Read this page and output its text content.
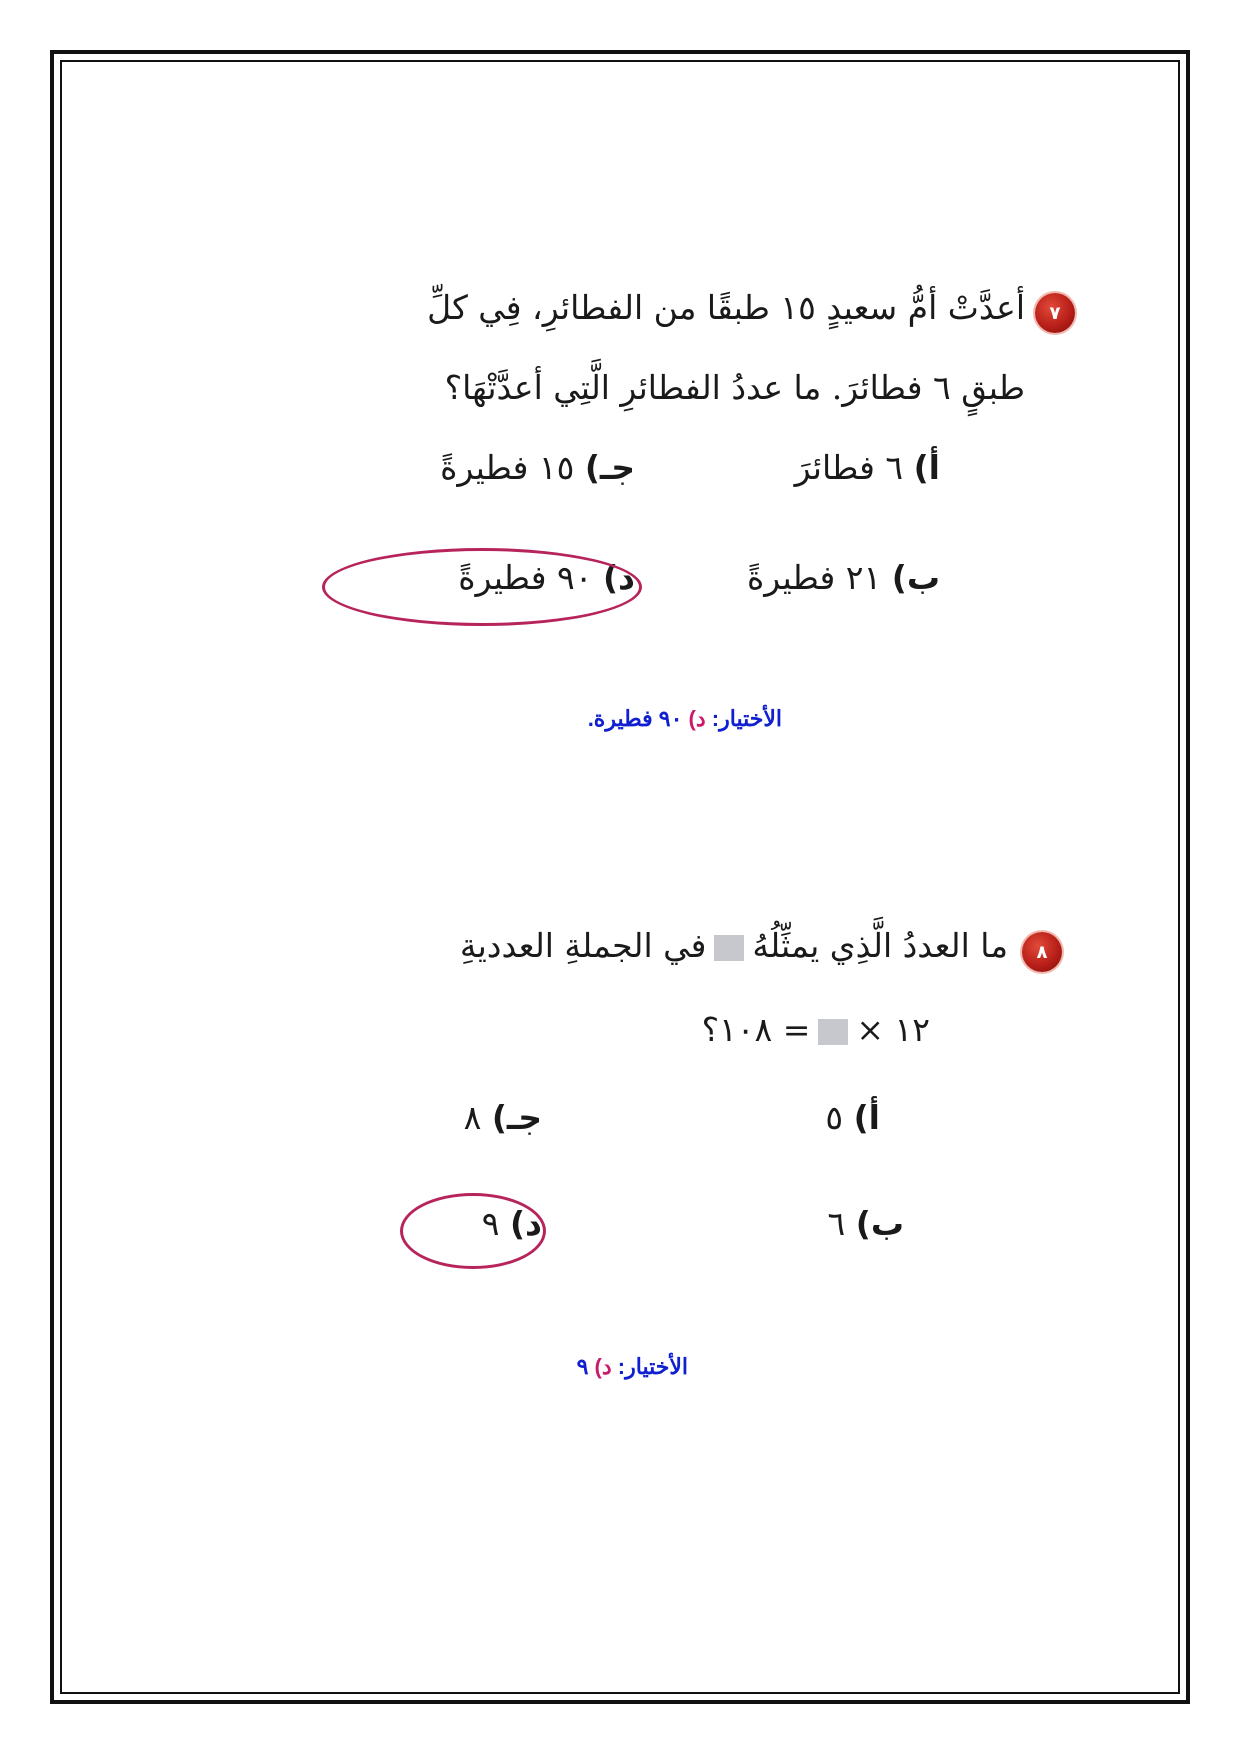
٧
أعدَّتْ أمُّ سعيدٍ ١٥ طبقًا من الفطائرِ، فِي كلِّ
طبقٍ ٦ فطائرَ. ما عددُ الفطائرِ الَّتِي أعدَّتْهَا؟
أ) ٦ فطائرَ
جـ) ١٥ فطيرةً
ب) ٢١ فطيرةً
د) ٩٠ فطيرةً
الأختيار: د) ٩٠ فطيرة.
٨
ما العددُ الَّذِي يمثِّلُهُفي الجملةِ العدديةِ
١٢ ×= ١٠٨؟
أ) ٥
جـ) ٨
ب) ٦
د) ٩
الأختيار: د) ٩
